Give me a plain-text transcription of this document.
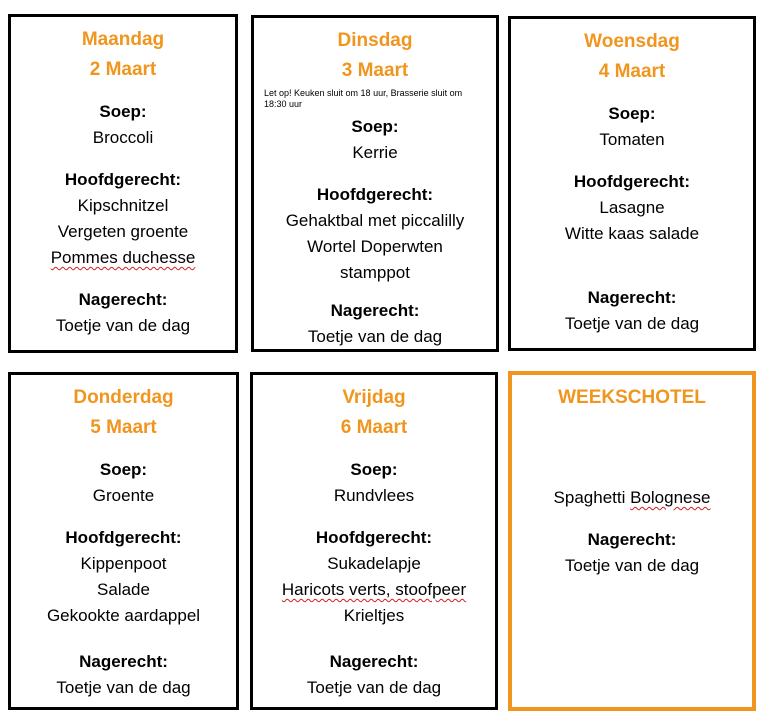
Maandag
2 Maart
Soep:
Broccoli
Hoofdgerecht:
Kipschnitzel
Vergeten groente
Pommes duchesse
Nagerecht:
Toetje van de dag
Dinsdag
3 Maart
Let op! Keuken sluit om 18 uur, Brasserie sluit om 18:30 uur
Soep:
Kerrie
Hoofdgerecht:
Gehaktbal met piccalilly
Wortel Doperwten
stamppot
Nagerecht:
Toetje van de dag
Woensdag
4 Maart
Soep:
Tomaten
Hoofdgerecht:
Lasagne
Witte kaas salade
Nagerecht:
Toetje van de dag
Donderdag
5 Maart
Soep:
Groente
Hoofdgerecht:
Kippenpoot
Salade
Gekookte aardappel
Nagerecht:
Toetje van de dag
Vrijdag
6 Maart
Soep:
Rundvlees
Hoofdgerecht:
Sukadelapje
Haricots verts, stoofpeer
Krieltjes
Nagerecht:
Toetje van de dag
WEEKSCHOTEL
Spaghetti Bolognese
Nagerecht:
Toetje van de dag
